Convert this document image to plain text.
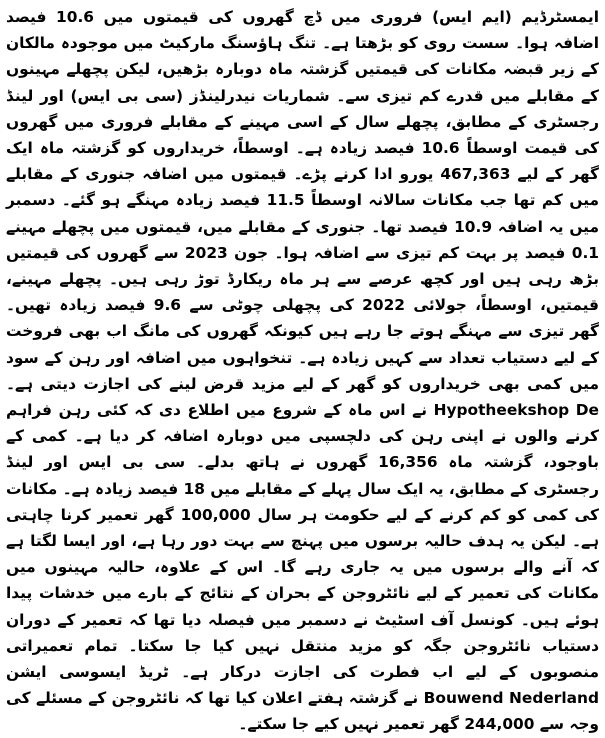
ایمسٹرڈیم (ایم ایس) فروری میں ڈچ گھروں کی قیمتوں میں 10.6 فیصد اضافہ ہوا۔ سست روی کو بڑھتا ہے۔ تنگ ہاؤسنگ مارکیٹ میں موجودہ مالکان کے زیر قبضہ مکانات کی قیمتیں گزشتہ ماہ دوبارہ بڑھیں، لیکن پچھلے مہینوں کے مقابلے میں قدرے کم تیزی سے۔ شماریات نیدرلینڈز (سی بی ایس) اور لینڈ رجسٹری کے مطابق، پچھلے سال کے اسی مہینے کے مقابلے فروری میں گھروں کی قیمت اوسطاً 10.6 فیصد زیادہ ہے۔ اوسطاً، خریداروں کو گزشتہ ماہ ایک گھر کے لیے 467,363 یورو ادا کرنے پڑے۔ قیمتوں میں اضافہ جنوری کے مقابلے میں کم تھا جب مکانات سالانہ اوسطاً 11.5 فیصد زیادہ مہنگے ہو گئے۔ دسمبر میں یہ اضافہ 10.9 فیصد تھا۔ جنوری کے مقابلے میں، قیمتوں میں پچھلے مہینے 0.1 فیصد پر بہت کم تیزی سے اضافہ ہوا۔ جون 2023 سے گھروں کی قیمتیں بڑھ رہی ہیں اور کچھ عرصے سے ہر ماہ ریکارڈ توڑ رہی ہیں۔ پچھلے مہینے، قیمتیں، اوسطاً، جولائی 2022 کی پچھلی چوٹی سے 9.6 فیصد زیادہ تھیں۔ گھر تیزی سے مہنگے ہوتے جا رہے ہیں کیونکہ گھروں کی مانگ اب بھی فروخت کے لیے دستیاب تعداد سے کہیں زیادہ ہے۔ تنخواہوں میں اضافہ اور رہن کے سود میں کمی بھی خریداروں کو گھر کے لیے مزید قرض لینے کی اجازت دیتی ہے۔ Hypotheekshop De نے اس ماہ کے شروع میں اطلاع دی کہ کئی رہن فراہم کرنے والوں نے اپنی رہن کی دلچسپی میں دوبارہ اضافہ کر دیا ہے۔ کمی کے باوجود، گزشتہ ماہ 16,356 گھروں نے ہاتھ بدلے۔ سی بی ایس اور لینڈ رجسٹری کے مطابق، یہ ایک سال پہلے کے مقابلے میں 18 فیصد زیادہ ہے۔ مکانات کی کمی کو کم کرنے کے لیے حکومت ہر سال 100,000 گھر تعمیر کرنا چاہتی ہے۔ لیکن یہ ہدف حالیہ برسوں میں پہنچ سے بہت دور رہا ہے، اور ایسا لگتا ہے کہ آنے والے برسوں میں یہ جاری رہے گا۔ اس کے علاوہ، حالیہ مہینوں میں مکانات کی تعمیر کے لیے نائٹروجن کے بحران کے نتائج کے بارے میں خدشات پیدا ہوئے ہیں۔ کونسل آف اسٹیٹ نے دسمبر میں فیصلہ دیا تھا کہ تعمیر کے دوران دستیاب نائٹروجن جگہ کو مزید منتقل نہیں کیا جا سکتا۔ تمام تعمیراتی منصوبوں کے لیے اب فطرت کی اجازت درکار ہے۔ ٹریڈ ایسوسی ایشن Bouwend Nederland نے گزشتہ ہفتے اعلان کیا تھا کہ نائٹروجن کے مسئلے کی وجہ سے 244,000 گھر تعمیر نہیں کیے جا سکتے۔
